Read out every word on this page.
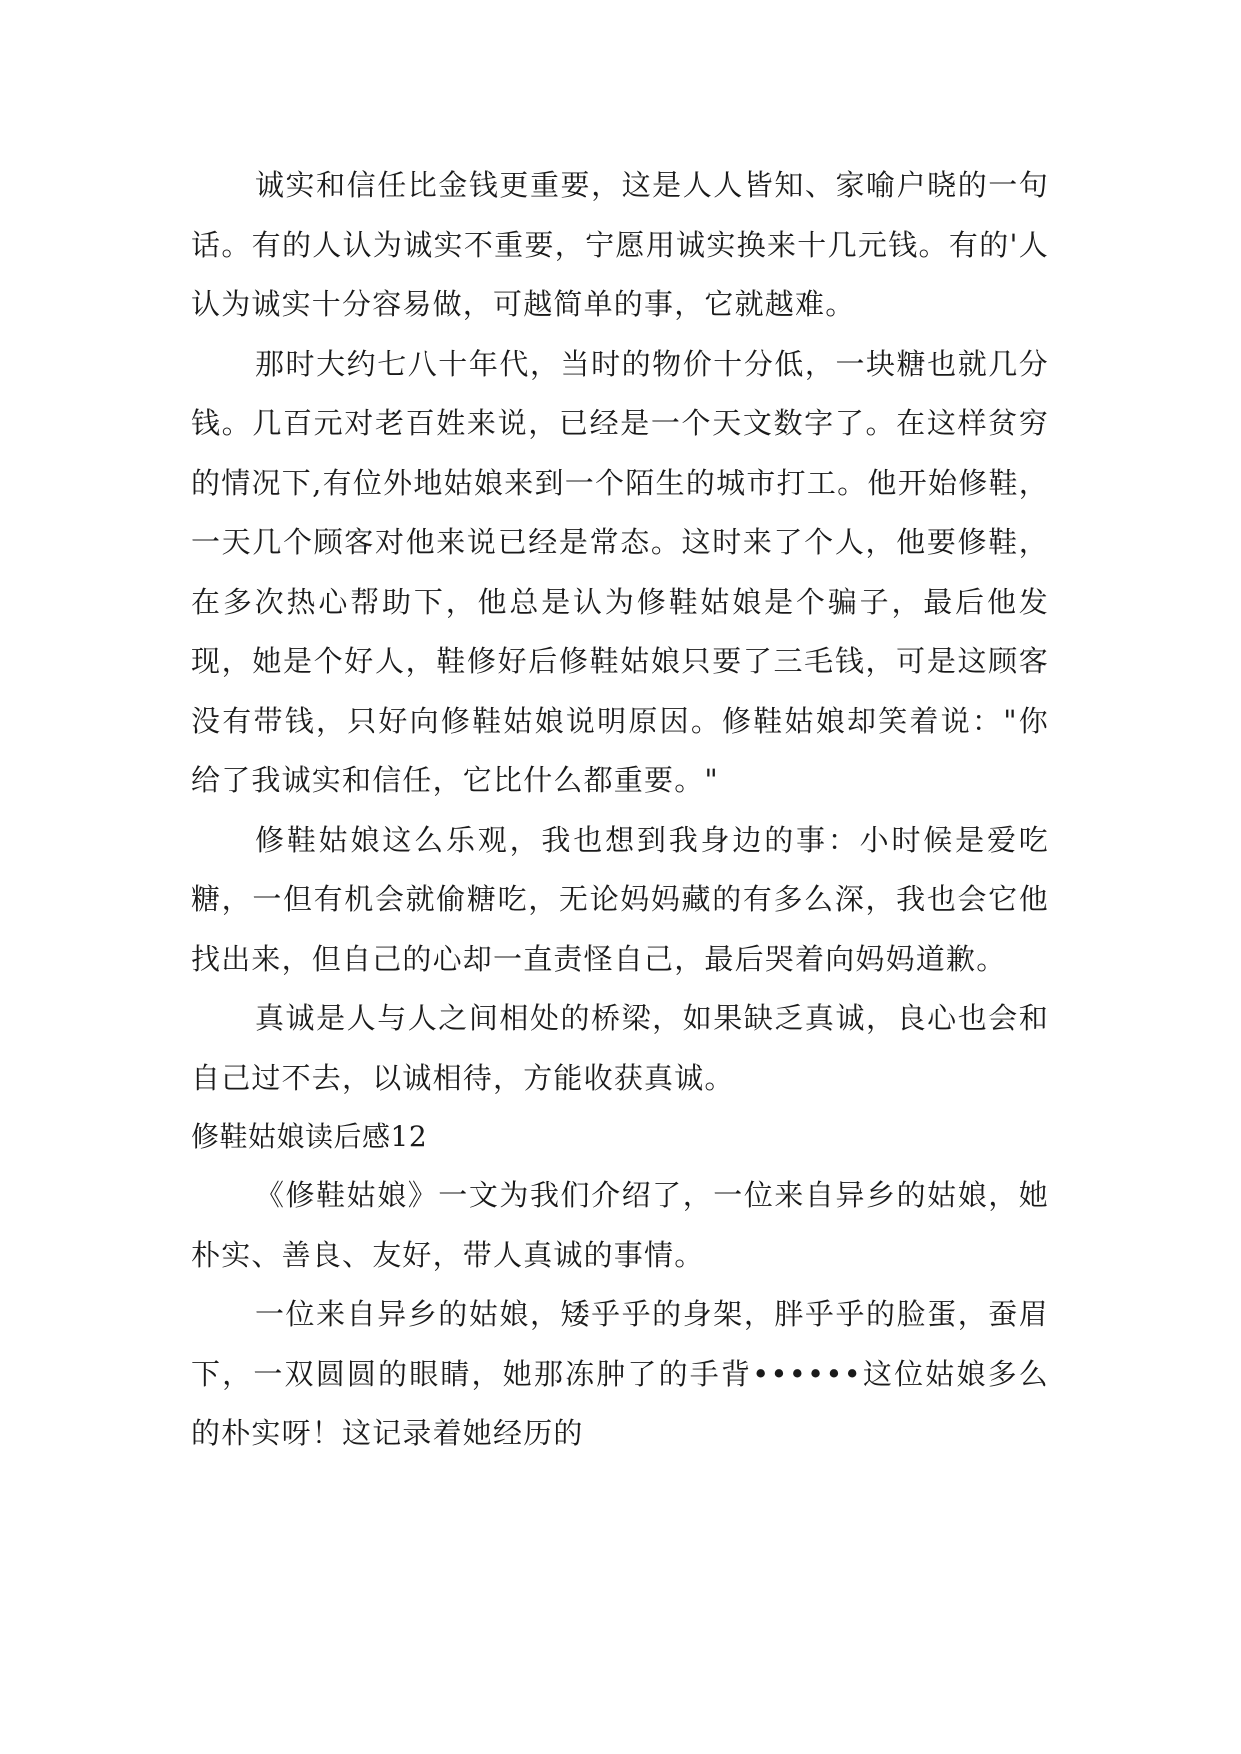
诚实和信任比金钱更重要，这是人人皆知、家喻户晓的一句话。有的人认为诚实不重要，宁愿用诚实换来十几元钱。有的'人认为诚实十分容易做，可越简单的事，它就越难。

那时大约七八十年代，当时的物价十分低，一块糖也就几分钱。几百元对老百姓来说，已经是一个天文数字了。在这样贫穷的情况下,有位外地姑娘来到一个陌生的城市打工。他开始修鞋，一天几个顾客对他来说已经是常态。这时来了个人，他要修鞋，在多次热心帮助下，他总是认为修鞋姑娘是个骗子，最后他发现，她是个好人，鞋修好后修鞋姑娘只要了三毛钱，可是这顾客没有带钱，只好向修鞋姑娘说明原因。修鞋姑娘却笑着说："你给了我诚实和信任，它比什么都重要。"

修鞋姑娘这么乐观，我也想到我身边的事：小时候是爱吃糖，一但有机会就偷糖吃，无论妈妈藏的有多么深，我也会它他找出来，但自己的心却一直责怪自己，最后哭着向妈妈道歉。

真诚是人与人之间相处的桥梁，如果缺乏真诚，良心也会和自己过不去，以诚相待，方能收获真诚。

修鞋姑娘读后感12

《修鞋姑娘》一文为我们介绍了，一位来自异乡的姑娘，她朴实、善良、友好，带人真诚的事情。

一位来自异乡的姑娘，矮乎乎的身架，胖乎乎的脸蛋，蚕眉下，一双圆圆的眼睛，她那冻肿了的手背••••••这位姑娘多么的朴实呀！这记录着她经历的
